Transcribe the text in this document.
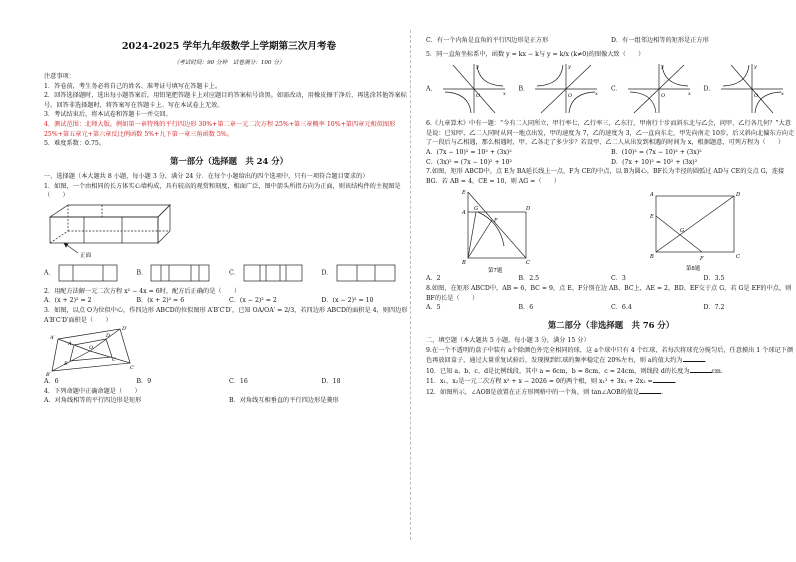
2024-2025 学年九年级数学上学期第三次月考卷
（考试时间：90 分钟　试卷满分：100 分）

注意事项：

1．答卷前，考生务必将自己的姓名、准考证号填写在答题卡上。

2．回答选择题时，选出每小题答案后，用铅笔把答题卡上对应题目的答案标号涂黑。如需改动，用橡皮擦干净后，再选涂其他答案标号。回答非选择题时，将答案写在答题卡上。写在本试卷上无效。

3．考试结束后，将本试卷和答题卡一并交回。

4．测试范围：北师大版。例如第一章特殊的平行四边形 30%+第二章一元二次方程 25%+第三章概率 10%+第四章元相似图形 25%+第五章元+第六章反比例函数 5%+九下第一章三角函数 5%。

5．难度系数：0.75。

第一部分（选择题　共 24 分）

一、选择题（本大题共 8 小题，每小题 3 分，满分 24 分．在每个小题给出的四个选项中，只有一项符合题目要求的）

1．如图，一个由相同的长方体实心墙构成，具有较高的观赏和刻度，相面广泛，图中箭头所指方向为正面，则该结构件的主视图是（　　）

正面
A．	B．	C．	D．

2．用配方法解一元二次方程 x² − 4x = 6时，配方后正确的是（　　）

A．(x + 2)² = 2	B．(x + 2)² = 6	C．(x − 2)² = 2	D．(x − 2)² = 10

3．如图，以点 O为位似中心，作四边形 ABCD的位似图形 A′B′C′D′，已知 OA/OA′ = 2/3，若四边形 ABCD的面积是 4，则四边形 A′B′C′D′面积是（　　）

A′
D′
C′
B′
A
D
C
B
O
A．6	B．9	C．16	D．18

4．下列命题中正确命题是（　　）

A．对角线相等的平行四边形是矩形	B．对角线互相垂直的平行四边形是菱形
C．有一个内角是直角的平行四边形是正方形	D．有一组邻边相等的矩形是正方形

5．同一直角坐标系中，函数 y = kx − k与 y = k/x (k≠0)的图像大致（　　）

A．
O	x
y
B．
O	x
y
C．
O	x
y
D．
O	x
y

6.《九章算术》中有一题：“今有二人同所立，甲行率七，乙行率三，乙东行，甲南行十步而斜东北与乙会，问甲、乙行各几何？”大意是说：已知甲、乙二人同时从同一地点出发，甲的速度为 7，乙的速度为 3，乙一直向东走，甲先向南走 10步，后又斜向北偏东方向走了一段后与乙相遇，那么相遇时，甲、乙各走了多少步？若设甲、乙二人从出发到相遇的时间为 x，根据题意，可列方程为（　　）

A．(7x − 10)² = 10² + (3x)²	B．(10)² = (7x − 10)² + (3x)²
C．(3x)² = (7x − 10)² + 10²	D．(7x + 10)² = 10² + (3x)²

7.如图，矩形 ABCD中，点 E为 BA延长线上一点，F为 CE的中点，以 B为圆心，BF长为半径的圆弧过 AD与 CE的交点 G，连接 BG．若 AB = 4，CE = 10，则 AG =（　　）

E
A
G	D
F
B	C
第7题
A	D
E
G
B	F	C
第8题
A．2	B．2.5	C．3	D．3.5

8.如图，在矩形 ABCD中，AB = 6，BC = 9，点 E、F分别在边 AB、BC上，AE = 2，BD、EF交于点 G，若 G是 EF的中点，则 BF的长是（　　）

A．5	B．6	C．6.4	D．7.2
第二部分（非选择题　共 76 分）

二、填空题（本大题共 5 小题，每小题 3 分，满分 15 分）

9.在一个不透明的盒子中装有 a个除颜色外完全相同的球，这 a个球中只有 4 个红球，若每次将球充分搅匀后，任意摸出 1 个球记下颜色再放回盒子，通过大量重复试验后，发现摸到红球的频率稳定在 20%左右，则 a的值大约为	．

10．已知 a、b、c、d是比例线段，其中 a = 6cm，b = 8cm，c = 24cm，则线段 d的长度为	cm．

11．x₁，x₂是一元二次方程 x² + x − 2026 = 0的两个根，则 x₁² + 3x₁ + 2x₂ =	．

12．如图所示，∠AOB是放置在正方形网格中的一个角，则 tan∠AOB的值是	．
